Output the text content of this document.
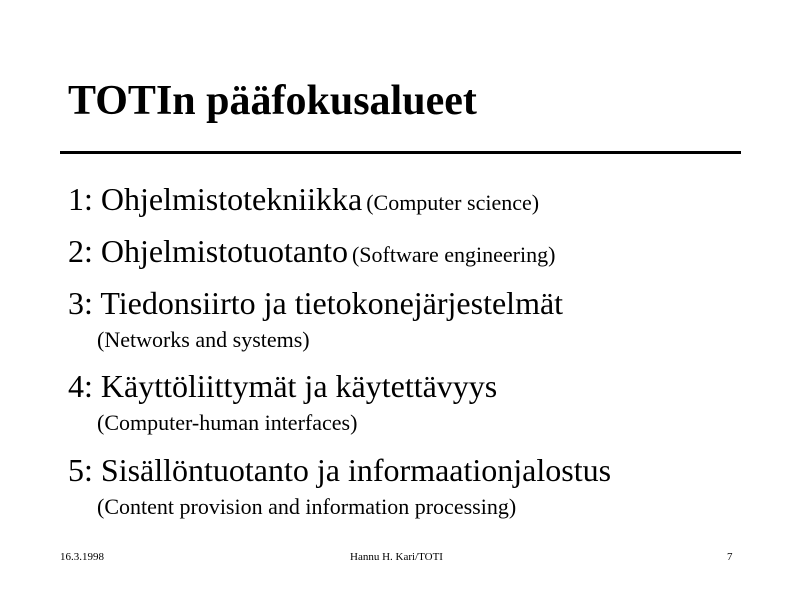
TOTIn pääfokusalueet
1: Ohjelmistotekniikka (Computer science)
2: Ohjelmistotuotanto (Software engineering)
3: Tiedonsiirto ja tietokonejärjestelmät
(Networks and systems)
4: Käyttöliittymät ja käytettävyys
(Computer-human interfaces)
5: Sisällöntuotanto ja informaationjalostus
(Content provision and information processing)
16.3.1998	Hannu H. Kari/TOTI	7
